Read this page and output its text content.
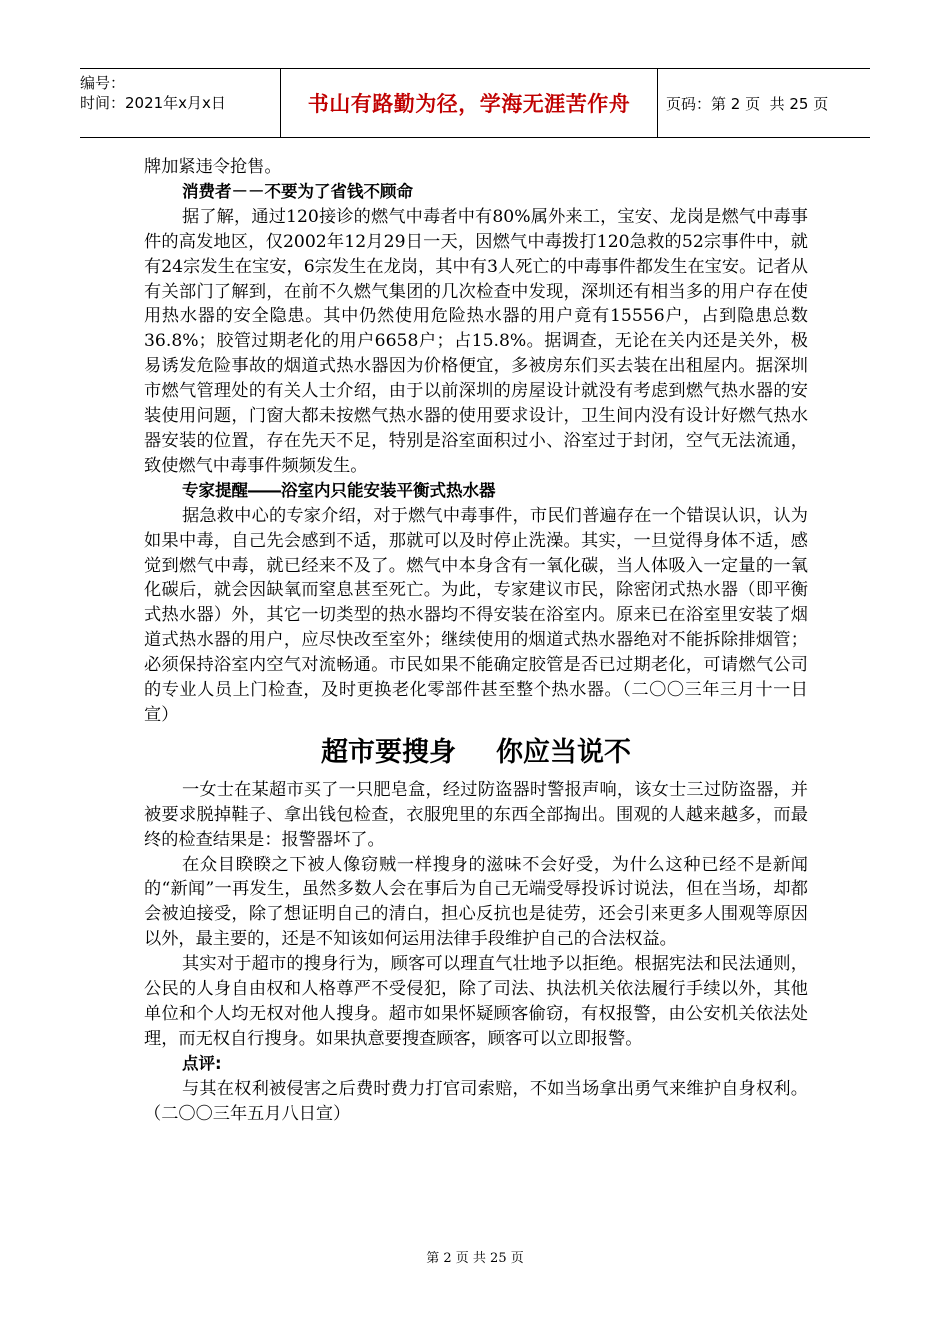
编号：
时间：2021年x月x日	书山有路勤为径，学海无涯苦作舟 页码：第 2 页  共 25 页

牌加紧违令抢售。

消费者－－不要为了省钱不顾命

据了解，通过120接诊的燃气中毒者中有80%属外来工，宝安、龙岗是燃气中毒事件的高发地区，仅2002年12月29日一天，因燃气中毒拨打120急救的52宗事件中，就有24宗发生在宝安，6宗发生在龙岗，其中有3人死亡的中毒事件都发生在宝安。记者从有关部门了解到，在前不久燃气集团的几次检查中发现，深圳还有相当多的用户存在使用热水器的安全隐患。其中仍然使用危险热水器的用户竟有15556户，占到隐患总数36.8%；胶管过期老化的用户6658户；占15.8%。据调查，无论在关内还是关外，极易诱发危险事故的烟道式热水器因为价格便宜，多被房东们买去装在出租屋内。据深圳市燃气管理处的有关人士介绍，由于以前深圳的房屋设计就没有考虑到燃气热水器的安装使用问题，门窗大都未按燃气热水器的使用要求设计，卫生间内没有设计好燃气热水器安装的位置，存在先天不足，特别是浴室面积过小、浴室过于封闭，空气无法流通，致使燃气中毒事件频频发生。

专家提醒――浴室内只能安装平衡式热水器

据急救中心的专家介绍，对于燃气中毒事件，市民们普遍存在一个错误认识，认为如果中毒，自己先会感到不适，那就可以及时停止洗澡。其实，一旦觉得身体不适，感觉到燃气中毒，就已经来不及了。燃气中本身含有一氧化碳，当人体吸入一定量的一氧化碳后，就会因缺氧而窒息甚至死亡。为此，专家建议市民，除密闭式热水器（即平衡式热水器）外，其它一切类型的热水器均不得安装在浴室内。原来已在浴室里安装了烟道式热水器的用户，应尽快改至室外；继续使用的烟道式热水器绝对不能拆除排烟管；必须保持浴室内空气对流畅通。市民如果不能确定胶管是否已过期老化，可请燃气公司的专业人员上门检查，及时更换老化零部件甚至整个热水器。（二〇〇三年三月十一日宣）

超市要搜身 你应当说不

一女士在某超市买了一只肥皂盒，经过防盗器时警报声响，该女士三过防盗器，并被要求脱掉鞋子、拿出钱包检查，衣服兜里的东西全部掏出。围观的人越来越多，而最终的检查结果是：报警器坏了。

在众目睽睽之下被人像窃贼一样搜身的滋味不会好受，为什么这种已经不是新闻的“新闻”一再发生，虽然多数人会在事后为自己无端受辱投诉讨说法，但在当场，却都会被迫接受，除了想证明自己的清白，担心反抗也是徒劳，还会引来更多人围观等原因以外，最主要的，还是不知该如何运用法律手段维护自己的合法权益。

其实对于超市的搜身行为，顾客可以理直气壮地予以拒绝。根据宪法和民法通则，公民的人身自由权和人格尊严不受侵犯，除了司法、执法机关依法履行手续以外，其他单位和个人均无权对他人搜身。超市如果怀疑顾客偷窃，有权报警，由公安机关依法处理，而无权自行搜身。如果执意要搜查顾客，顾客可以立即报警。

点评:

与其在权利被侵害之后费时费力打官司索赔，不如当场拿出勇气来维护自身权利。（二〇〇三年五月八日宣）

第 2 页 共 25 页
